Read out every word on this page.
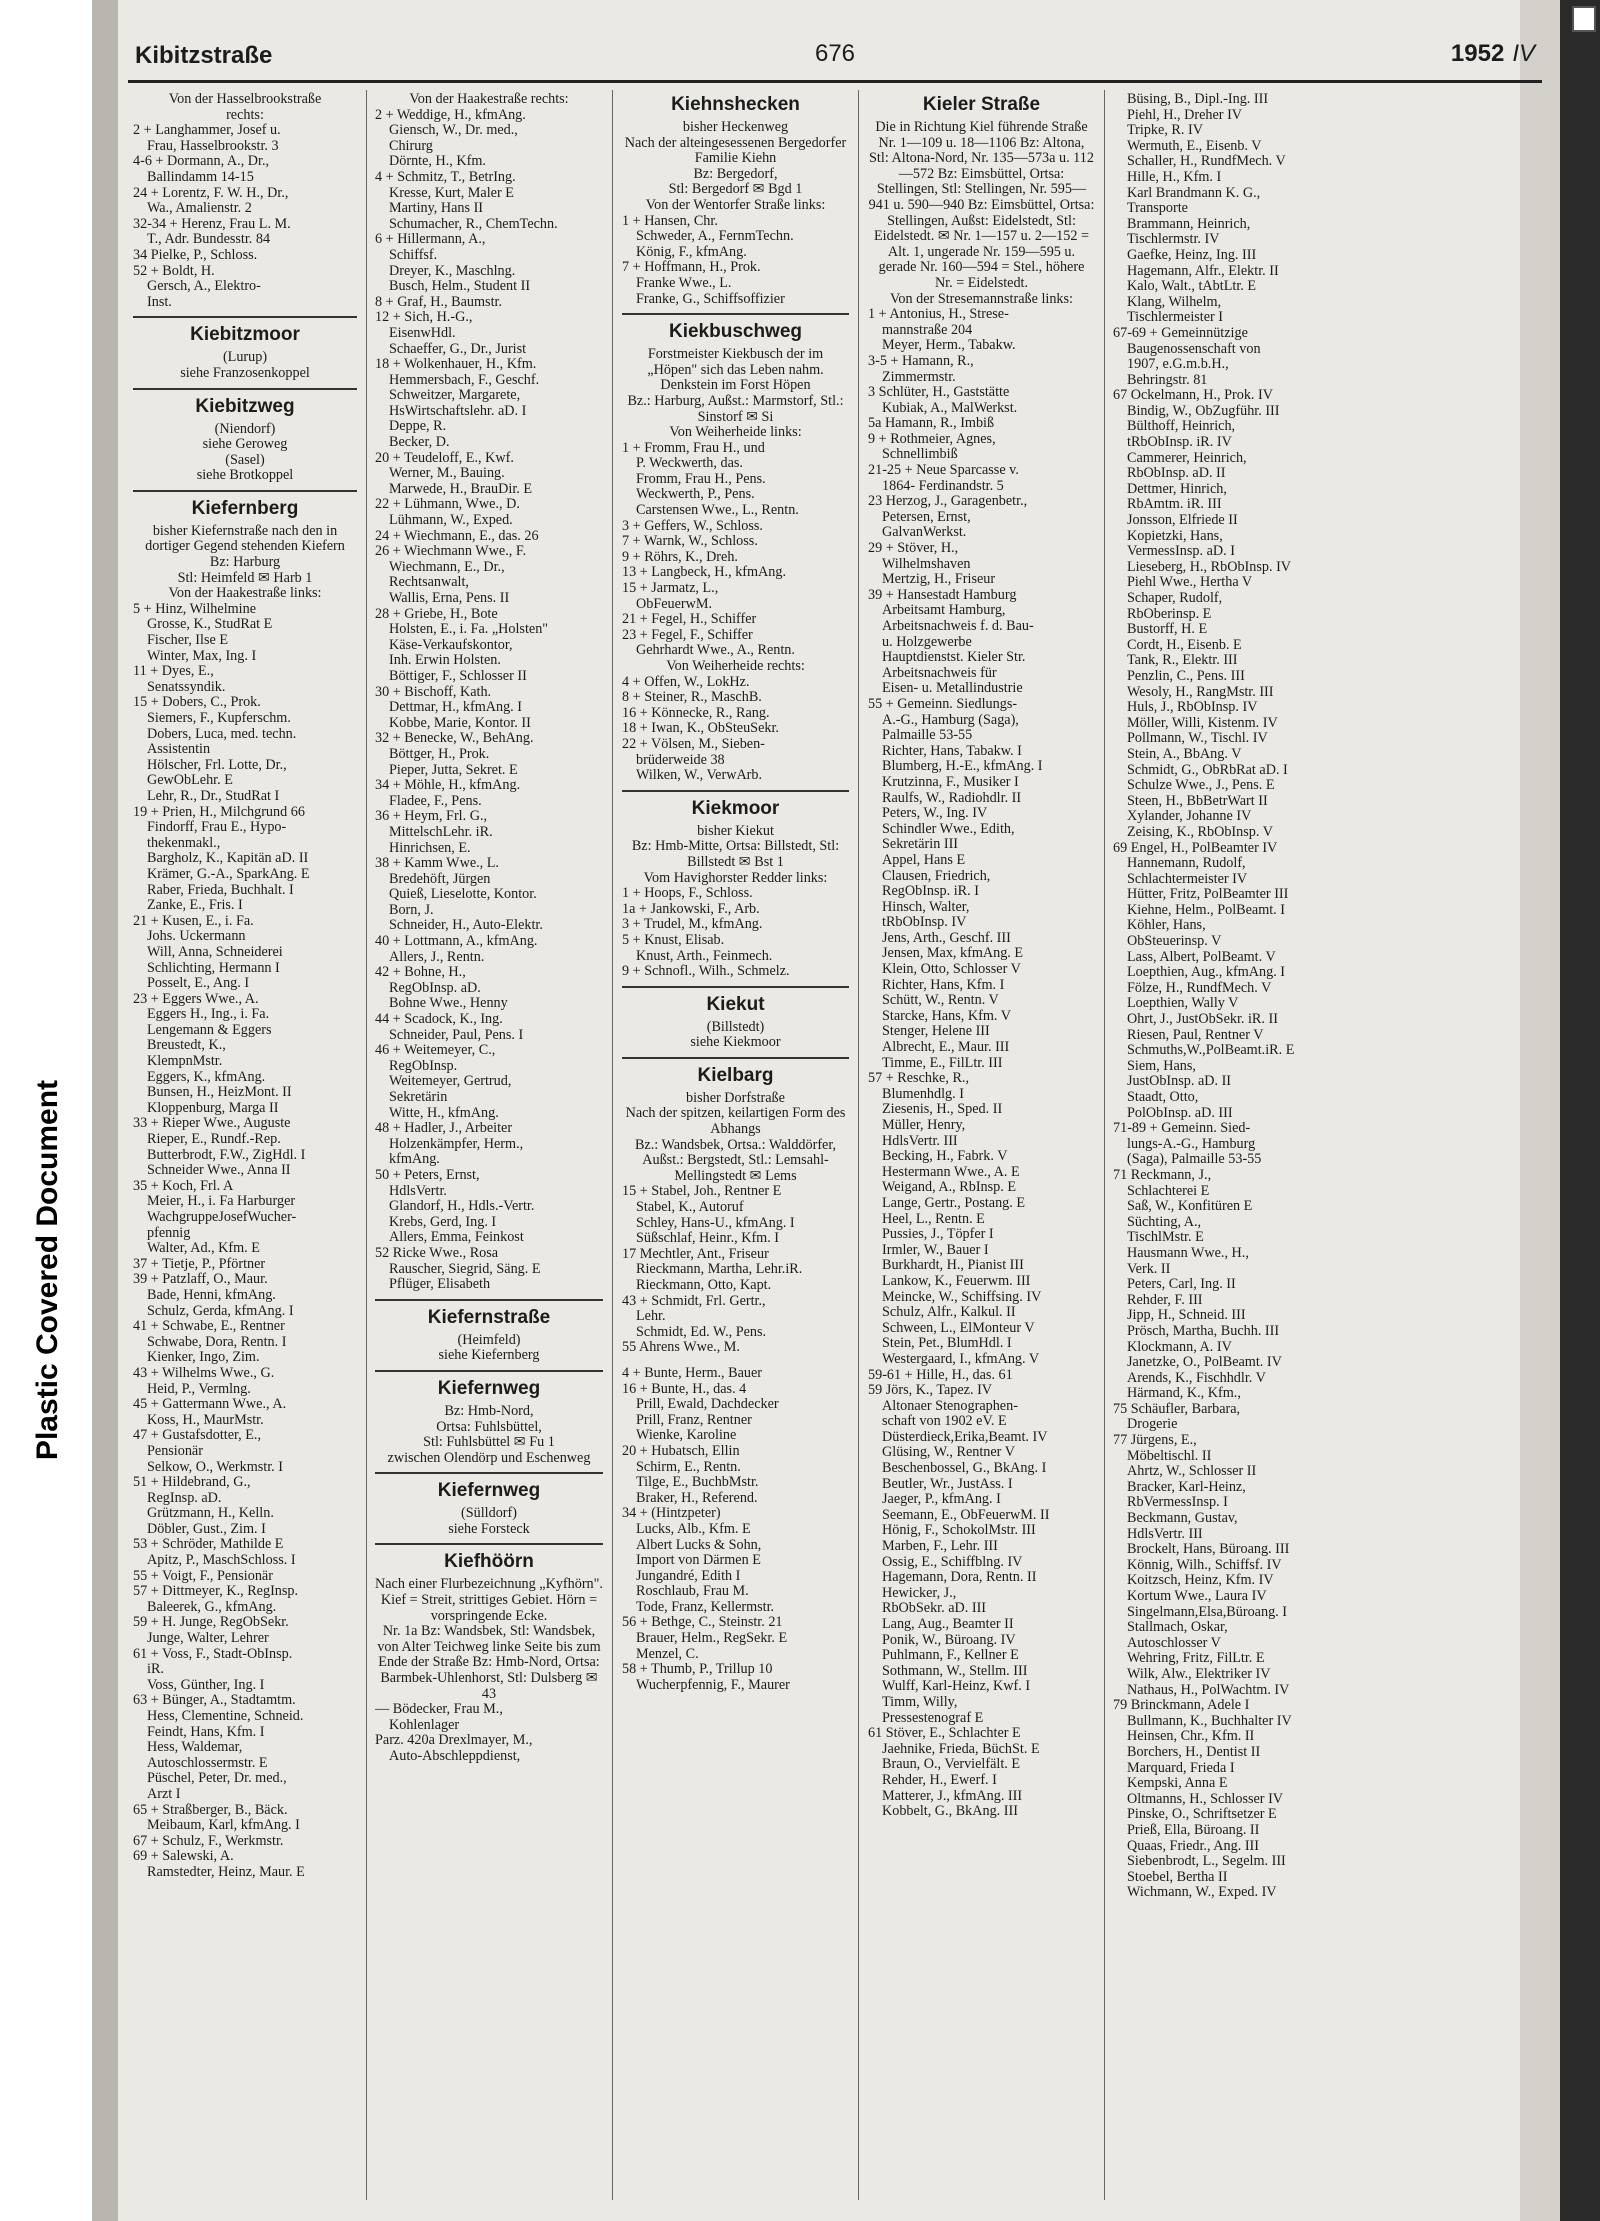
Plastic Covered Document
Kibitzstraße	676	1952 IV
Von der Hasselbrookstraße
rechts:
2 + Langhammer, Josef u.
Frau, Hasselbrookstr. 3
4-6 + Dormann, A., Dr.,
Ballindamm 14-15
24 + Lorentz, F. W. H., Dr.,
Wa., Amalienstr. 2
32-34 + Herenz, Frau L. M.
T., Adr. Bundesstr. 84
34 Pielke, P., Schloss.
52 + Boldt, H.
Gersch, A., Elektro-
Inst.
Kiebitzmoor
(Lurup)
siehe Franzosenkoppel
Kiebitzweg
(Niendorf)
siehe Geroweg
(Sasel)
siehe Brotkoppel
Kiefernberg
bisher Kiefernstraße nach den in dortiger Gegend stehenden Kiefern
Bz: Harburg
Stl: Heimfeld ✉ Harb 1
Von der Haakestraße links:
5 + Hinz, Wilhelmine
Grosse, K., StudRat E
Fischer, Ilse E
Winter, Max, Ing. I
11 + Dyes, E.,
Senatssyndik.
15 + Dobers, C., Prok.
Siemers, F., Kupferschm.
Dobers, Luca, med. techn.
Assistentin
Hölscher, Frl. Lotte, Dr.,
GewObLehr. E
Lehr, R., Dr., StudRat I
19 + Prien, H., Milchgrund 66
Findorff, Frau E., Hypo-
thekenmakl.,
Bargholz, K., Kapitän aD. II
Krämer, G.-A., SparkAng. E
Raber, Frieda, Buchhalt. I
Zanke, E., Fris. I
21 + Kusen, E., i. Fa.
Johs. Uckermann
Will, Anna, Schneiderei
Schlichting, Hermann I
Posselt, E., Ang. I
23 + Eggers Wwe., A.
Eggers H., Ing., i. Fa.
Lengemann & Eggers
Breustedt, K.,
KlempnMstr.
Eggers, K., kfmAng.
Bunsen, H., HeizMont. II
Kloppenburg, Marga II
33 + Rieper Wwe., Auguste
Rieper, E., Rundf.-Rep.
Butterbrodt, F.W., ZigHdl. I
Schneider Wwe., Anna II
35 + Koch, Frl. A
Meier, H., i. Fa Harburger
WachgruppeJosefWucher-
pfennig
Walter, Ad., Kfm. E
37 + Tietje, P., Pförtner
39 + Patzlaff, O., Maur.
Bade, Henni, kfmAng.
Schulz, Gerda, kfmAng. I
41 + Schwabe, E., Rentner
Schwabe, Dora, Rentn. I
Kienker, Ingo, Zim.
43 + Wilhelms Wwe., G.
Heid, P., Vermlng.
45 + Gattermann Wwe., A.
Koss, H., MaurMstr.
47 + Gustafsdotter, E.,
Pensionär
Selkow, O., Werkmstr. I
51 + Hildebrand, G.,
RegInsp. aD.
Grützmann, H., Kelln.
Döbler, Gust., Zim. I
53 + Schröder, Mathilde E
Apitz, P., MaschSchloss. I
55 + Voigt, F., Pensionär
57 + Dittmeyer, K., RegInsp.
Baleerek, G., kfmAng.
59 + H. Junge, RegObSekr.
Junge, Walter, Lehrer
61 + Voss, F., Stadt-ObInsp.
iR.
Voss, Günther, Ing. I
63 + Bünger, A., Stadtamtm.
Hess, Clementine, Schneid.
Feindt, Hans, Kfm. I
Hess, Waldemar,
Autoschlossermstr. E
Püschel, Peter, Dr. med.,
Arzt I
65 + Straßberger, B., Bäck.
Meibaum, Karl, kfmAng. I
67 + Schulz, F., Werkmstr.
69 + Salewski, A.
Ramstedter, Heinz, Maur. E
Von der Haakestraße rechts:
2 + Weddige, H., kfmAng.
Giensch, W., Dr. med.,
Chirurg
Dörnte, H., Kfm.
4 + Schmitz, T., BetrIng.
Kresse, Kurt, Maler E
Martiny, Hans II
Schumacher, R., ChemTechn.
6 + Hillermann, A.,
Schiffsf.
Dreyer, K., Maschlng.
Busch, Helm., Student II
8 + Graf, H., Baumstr.
12 + Sich, H.-G.,
EisenwHdl.
Schaeffer, G., Dr., Jurist
18 + Wolkenhauer, H., Kfm.
Hemmersbach, F., Geschf.
Schweitzer, Margarete,
HsWirtschaftslehr. aD. I
Deppe, R.
Becker, D.
20 + Teudeloff, E., Kwf.
Werner, M., Bauing.
Marwede, H., BrauDir. E
22 + Lühmann, Wwe., D.
Lühmann, W., Exped.
24 + Wiechmann, E., das. 26
26 + Wiechmann Wwe., F.
Wiechmann, E., Dr.,
Rechtsanwalt,
Wallis, Erna, Pens. II
28 + Griebe, H., Bote
Holsten, E., i. Fa. „Holsten"
Käse-Verkaufskontor,
Inh. Erwin Holsten.
Böttiger, F., Schlosser II
30 + Bischoff, Kath.
Dettmar, H., kfmAng. I
Kobbe, Marie, Kontor. II
32 + Benecke, W., BehAng.
Böttger, H., Prok.
Pieper, Jutta, Sekret. E
34 + Möhle, H., kfmAng.
Fladee, F., Pens.
36 + Heym, Frl. G.,
MittelschLehr. iR.
Hinrichsen, E.
38 + Kamm Wwe., L.
Bredehöft, Jürgen
Quieß, Lieselotte, Kontor.
Born, J.
Schneider, H., Auto-Elektr.
40 + Lottmann, A., kfmAng.
Allers, J., Rentn.
42 + Bohne, H.,
RegObInsp. aD.
Bohne Wwe., Henny
44 + Scadock, K., Ing.
Schneider, Paul, Pens. I
46 + Weitemeyer, C.,
RegObInsp.
Weitemeyer, Gertrud,
Sekretärin
Witte, H., kfmAng.
48 + Hadler, J., Arbeiter
Holzenkämpfer, Herm.,
kfmAng.
50 + Peters, Ernst,
HdlsVertr.
Glandorf, H., Hdls.-Vertr.
Krebs, Gerd, Ing. I
Allers, Emma, Feinkost
52 Ricke Wwe., Rosa
Rauscher, Siegrid, Säng. E
Pflüger, Elisabeth
Kiefernstraße
(Heimfeld)
siehe Kiefernberg
Kiefernweg
Bz: Hmb-Nord,
Ortsa: Fuhlsbüttel,
Stl: Fuhlsbüttel ✉ Fu 1
zwischen Olendörp und Eschenweg
Kiefernweg
(Sülldorf)
siehe Forsteck
Kiefhöörn
Nach einer Flurbezeichnung „Kyfhörn". Kief = Streit, strittiges Gebiet. Hörn = vorspringende Ecke.
Nr. 1a Bz: Wandsbek, Stl: Wandsbek, von Alter Teichweg linke Seite bis zum Ende der Straße Bz: Hmb-Nord, Ortsa: Barmbek-Uhlenhorst, Stl: Dulsberg ✉ 43
— Bödecker, Frau M.,
Kohlenlager
Parz. 420a Drexlmayer, M.,
Auto-Abschleppdienst,
Kiehnshecken
bisher Heckenweg
Nach der alteingesessenen Bergedorfer Familie Kiehn
Bz: Bergedorf,
Stl: Bergedorf ✉ Bgd 1
Von der Wentorfer Straße links:
1 + Hansen, Chr.
Schweder, A., FernmTechn.
König, F., kfmAng.
7 + Hoffmann, H., Prok.
Franke Wwe., L.
Franke, G., Schiffsoffizier
Kiekbuschweg
Forstmeister Kiekbusch der im „Höpen" sich das Leben nahm. Denkstein im Forst Höpen
Bz.: Harburg, Außst.: Marmstorf, Stl.: Sinstorf ✉ Si
Von Weiherheide links:
1 + Fromm, Frau H., und
P. Weckwerth, das.
Fromm, Frau H., Pens.
Weckwerth, P., Pens.
Carstensen Wwe., L., Rentn.
3 + Geffers, W., Schloss.
7 + Warnk, W., Schloss.
9 + Röhrs, K., Dreh.
13 + Langbeck, H., kfmAng.
15 + Jarmatz, L.,
ObFeuerwM.
21 + Fegel, H., Schiffer
23 + Fegel, F., Schiffer
Gehrhardt Wwe., A., Rentn.
Von Weiherheide rechts:
4 + Offen, W., LokHz.
8 + Steiner, R., MaschB.
16 + Könnecke, R., Rang.
18 + Iwan, K., ObSteuSekr.
22 + Völsen, M., Sieben-
brüderweide 38
Wilken, W., VerwArb.
Kiekmoor
bisher Kiekut
Bz: Hmb-Mitte, Ortsa: Billstedt, Stl: Billstedt ✉ Bst 1
Vom Havighorster Redder links:
1 + Hoops, F., Schloss.
1a + Jankowski, F., Arb.
3 + Trudel, M., kfmAng.
5 + Knust, Elisab.
Knust, Arth., Feinmech.
9 + Schnofl., Wilh., Schmelz.
Kiekut
(Billstedt)
siehe Kiekmoor
Kielbarg
bisher Dorfstraße
Nach der spitzen, keilartigen Form des Abhangs
Bz.: Wandsbek, Ortsa.: Walddörfer, Außst.: Bergstedt, Stl.: Lemsahl-Mellingstedt ✉ Lems
15 + Stabel, Joh., Rentner E
Stabel, K., Autoruf
Schley, Hans-U., kfmAng. I
Süßschlaf, Heinr., Kfm. I
17 Mechtler, Ant., Friseur
Rieckmann, Martha, Lehr.iR.
Rieckmann, Otto, Kapt.
43 + Schmidt, Frl. Gertr.,
Lehr.
Schmidt, Ed. W., Pens.
55 Ahrens Wwe., M.
4 + Bunte, Herm., Bauer
16 + Bunte, H., das. 4
Prill, Ewald, Dachdecker
Prill, Franz, Rentner
Wienke, Karoline
20 + Hubatsch, Ellin
Schirm, E., Rentn.
Tilge, E., BuchbMstr.
Braker, H., Referend.
34 + (Hintzpeter)
Lucks, Alb., Kfm. E
Albert Lucks & Sohn,
Import von Därmen E
Jungandré, Edith I
Roschlaub, Frau M.
Tode, Franz, Kellermstr.
56 + Bethge, C., Steinstr. 21
Brauer, Helm., RegSekr. E
Menzel, C.
58 + Thumb, P., Trillup 10
Wucherpfennig, F., Maurer
Kieler Straße
Die in Richtung Kiel führende Straße
Nr. 1—109 u. 18—1106 Bz: Altona, Stl: Altona-Nord, Nr. 135—573a u. 112—572 Bz: Eimsbüttel, Ortsa: Stellingen, Stl: Stellingen, Nr. 595—941 u. 590—940 Bz: Eimsbüttel, Ortsa: Stellingen, Außst: Eidelstedt, Stl: Eidelstedt. ✉ Nr. 1—157 u. 2—152 = Alt. 1, ungerade Nr. 159—595 u. gerade Nr. 160—594 = Stel., höhere Nr. = Eidelstedt.
Von der Stresemannstraße links:
1 + Antonius, H., Strese-
mannstraße 204
Meyer, Herm., Tabakw.
3-5 + Hamann, R.,
Zimmermstr.
3 Schlüter, H., Gaststätte
Kubiak, A., MalWerkst.
5a Hamann, R., Imbiß
9 + Rothmeier, Agnes,
Schnellimbiß
21-25 + Neue Sparcasse v.
1864- Ferdinandstr. 5
23 Herzog, J., Garagenbetr.,
Petersen, Ernst,
GalvanWerkst.
29 + Stöver, H.,
Wilhelmshaven
Mertzig, H., Friseur
39 + Hansestadt Hamburg
Arbeitsamt Hamburg,
Arbeitsnachweis f. d. Bau-
u. Holzgewerbe
Hauptdienstst. Kieler Str.
Arbeitsnachweis für
Eisen- u. Metallindustrie
55 + Gemeinn. Siedlungs-
A.-G., Hamburg (Saga),
Palmaille 53-55
Richter, Hans, Tabakw. I
Blumberg, H.-E., kfmAng. I
Krutzinna, F., Musiker I
Raulfs, W., Radiohdlr. II
Peters, W., Ing. IV
Schindler Wwe., Edith,
Sekretärin III
Appel, Hans E
Clausen, Friedrich,
RegObInsp. iR. I
Hinsch, Walter,
tRbObInsp. IV
Jens, Arth., Geschf. III
Jensen, Max, kfmAng. E
Klein, Otto, Schlosser V
Richter, Hans, Kfm. I
Schütt, W., Rentn. V
Starcke, Hans, Kfm. V
Stenger, Helene III
Albrecht, E., Maur. III
Timme, E., FilLtr. III
57 + Reschke, R.,
Blumenhdlg. I
Ziesenis, H., Sped. II
Müller, Henry,
HdlsVertr. III
Becking, H., Fabrk. V
Hestermann Wwe., A. E
Weigand, A., RbInsp. E
Lange, Gertr., Postang. E
Heel, L., Rentn. E
Pussies, J., Töpfer I
Irmler, W., Bauer I
Burkhardt, H., Pianist III
Lankow, K., Feuerwm. III
Meincke, W., Schiffsing. IV
Schulz, Alfr., Kalkul. II
Schween, L., ElMonteur V
Stein, Pet., BlumHdl. I
Westergaard, I., kfmAng. V
59-61 + Hille, H., das. 61
59 Jörs, K., Tapez. IV
Altonaer Stenographen-
schaft von 1902 eV. E
Düsterdieck,Erika,Beamt. IV
Glüsing, W., Rentner V
Beschenbossel, G., BkAng. I
Beutler, Wr., JustAss. I
Jaeger, P., kfmAng. I
Seemann, E., ObFeuerwM. II
Hönig, F., SchokolMstr. III
Marben, F., Lehr. III
Ossig, E., Schiffblng. IV
Hagemann, Dora, Rentn. II
Hewicker, J.,
RbObSekr. aD. III
Lang, Aug., Beamter II
Ponik, W., Büroang. IV
Puhlmann, F., Kellner E
Sothmann, W., Stellm. III
Wulff, Karl-Heinz, Kwf. I
Timm, Willy,
Pressestenograf E
61 Stöver, E., Schlachter E
Jaehnike, Frieda, BüchSt. E
Braun, O., Vervielfält. E
Rehder, H., Ewerf. I
Matterer, J., kfmAng. III
Kobbelt, G., BkAng. III
Büsing, B., Dipl.-Ing. III
Piehl, H., Dreher IV
Tripke, R. IV
Wermuth, E., Eisenb. V
Schaller, H., RundfMech. V
Hille, H., Kfm. I
Karl Brandmann K. G.,
Transporte
Brammann, Heinrich,
Tischlermstr. IV
Gaefke, Heinz, Ing. III
Hagemann, Alfr., Elektr. II
Kalo, Walt., tAbtLtr. E
Klang, Wilhelm,
Tischlermeister I
67-69 + Gemeinnützige
Baugenossenschaft von
1907, e.G.m.b.H.,
Behringstr. 81
67 Ockelmann, H., Prok. IV
Bindig, W., ObZugführ. III
Bülthoff, Heinrich,
tRbObInsp. iR. IV
Cammerer, Heinrich,
RbObInsp. aD. II
Dettmer, Hinrich,
RbAmtm. iR. III
Jonsson, Elfriede II
Kopietzki, Hans,
VermessInsp. aD. I
Lieseberg, H., RbObInsp. IV
Piehl Wwe., Hertha V
Schaper, Rudolf,
RbOberinsp. E
Bustorff, H. E
Cordt, H., Eisenb. E
Tank, R., Elektr. III
Penzlin, C., Pens. III
Wesoly, H., RangMstr. III
Huls, J., RbObInsp. IV
Möller, Willi, Kistenm. IV
Pollmann, W., Tischl. IV
Stein, A., BbAng. V
Schmidt, G., ObRbRat aD. I
Schulze Wwe., J., Pens. E
Steen, H., BbBetrWart II
Xylander, Johanne IV
Zeising, K., RbObInsp. V
69 Engel, H., PolBeamter IV
Hannemann, Rudolf,
Schlachtermeister IV
Hütter, Fritz, PolBeamter III
Kiehne, Helm., PolBeamt. I
Köhler, Hans,
ObSteuerinsp. V
Lass, Albert, PolBeamt. V
Loepthien, Aug., kfmAng. I
Fölze, H., RundfMech. V
Loepthien, Wally V
Ohrt, J., JustObSekr. iR. II
Riesen, Paul, Rentner V
Schmuths,W.,PolBeamt.iR. E
Siem, Hans,
JustObInsp. aD. II
Staadt, Otto,
PolObInsp. aD. III
71-89 + Gemeinn. Sied-
lungs-A.-G., Hamburg
(Saga), Palmaille 53-55
71 Reckmann, J.,
Schlachterei E
Saß, W., Konfitüren E
Süchting, A.,
TischlMstr. E
Hausmann Wwe., H.,
Verk. II
Peters, Carl, Ing. II
Rehder, F. III
Jipp, H., Schneid. III
Prösch, Martha, Buchh. III
Klockmann, A. IV
Janetzke, O., PolBeamt. IV
Arends, K., Fischhdlr. V
Härmand, K., Kfm.,
75 Schäufler, Barbara,
Drogerie
77 Jürgens, E.,
Möbeltischl. II
Ahrtz, W., Schlosser II
Bracker, Karl-Heinz,
RbVermessInsp. I
Beckmann, Gustav,
HdlsVertr. III
Brockelt, Hans, Büroang. III
Könnig, Wilh., Schiffsf. IV
Koitzsch, Heinz, Kfm. IV
Kortum Wwe., Laura IV
Singelmann,Elsa,Büroang. I
Stallmach, Oskar,
Autoschlosser V
Wehring, Fritz, FilLtr. E
Wilk, Alw., Elektriker IV
Nathaus, H., PolWachtm. IV
79 Brinckmann, Adele I
Bullmann, K., Buchhalter IV
Heinsen, Chr., Kfm. II
Borchers, H., Dentist II
Marquard, Frieda I
Kempski, Anna E
Oltmanns, H., Schlosser IV
Pinske, O., Schriftsetzer E
Prieß, Ella, Büroang. II
Quaas, Friedr., Ang. III
Siebenbrodt, L., Segelm. III
Stoebel, Bertha II
Wichmann, W., Exped. IV
